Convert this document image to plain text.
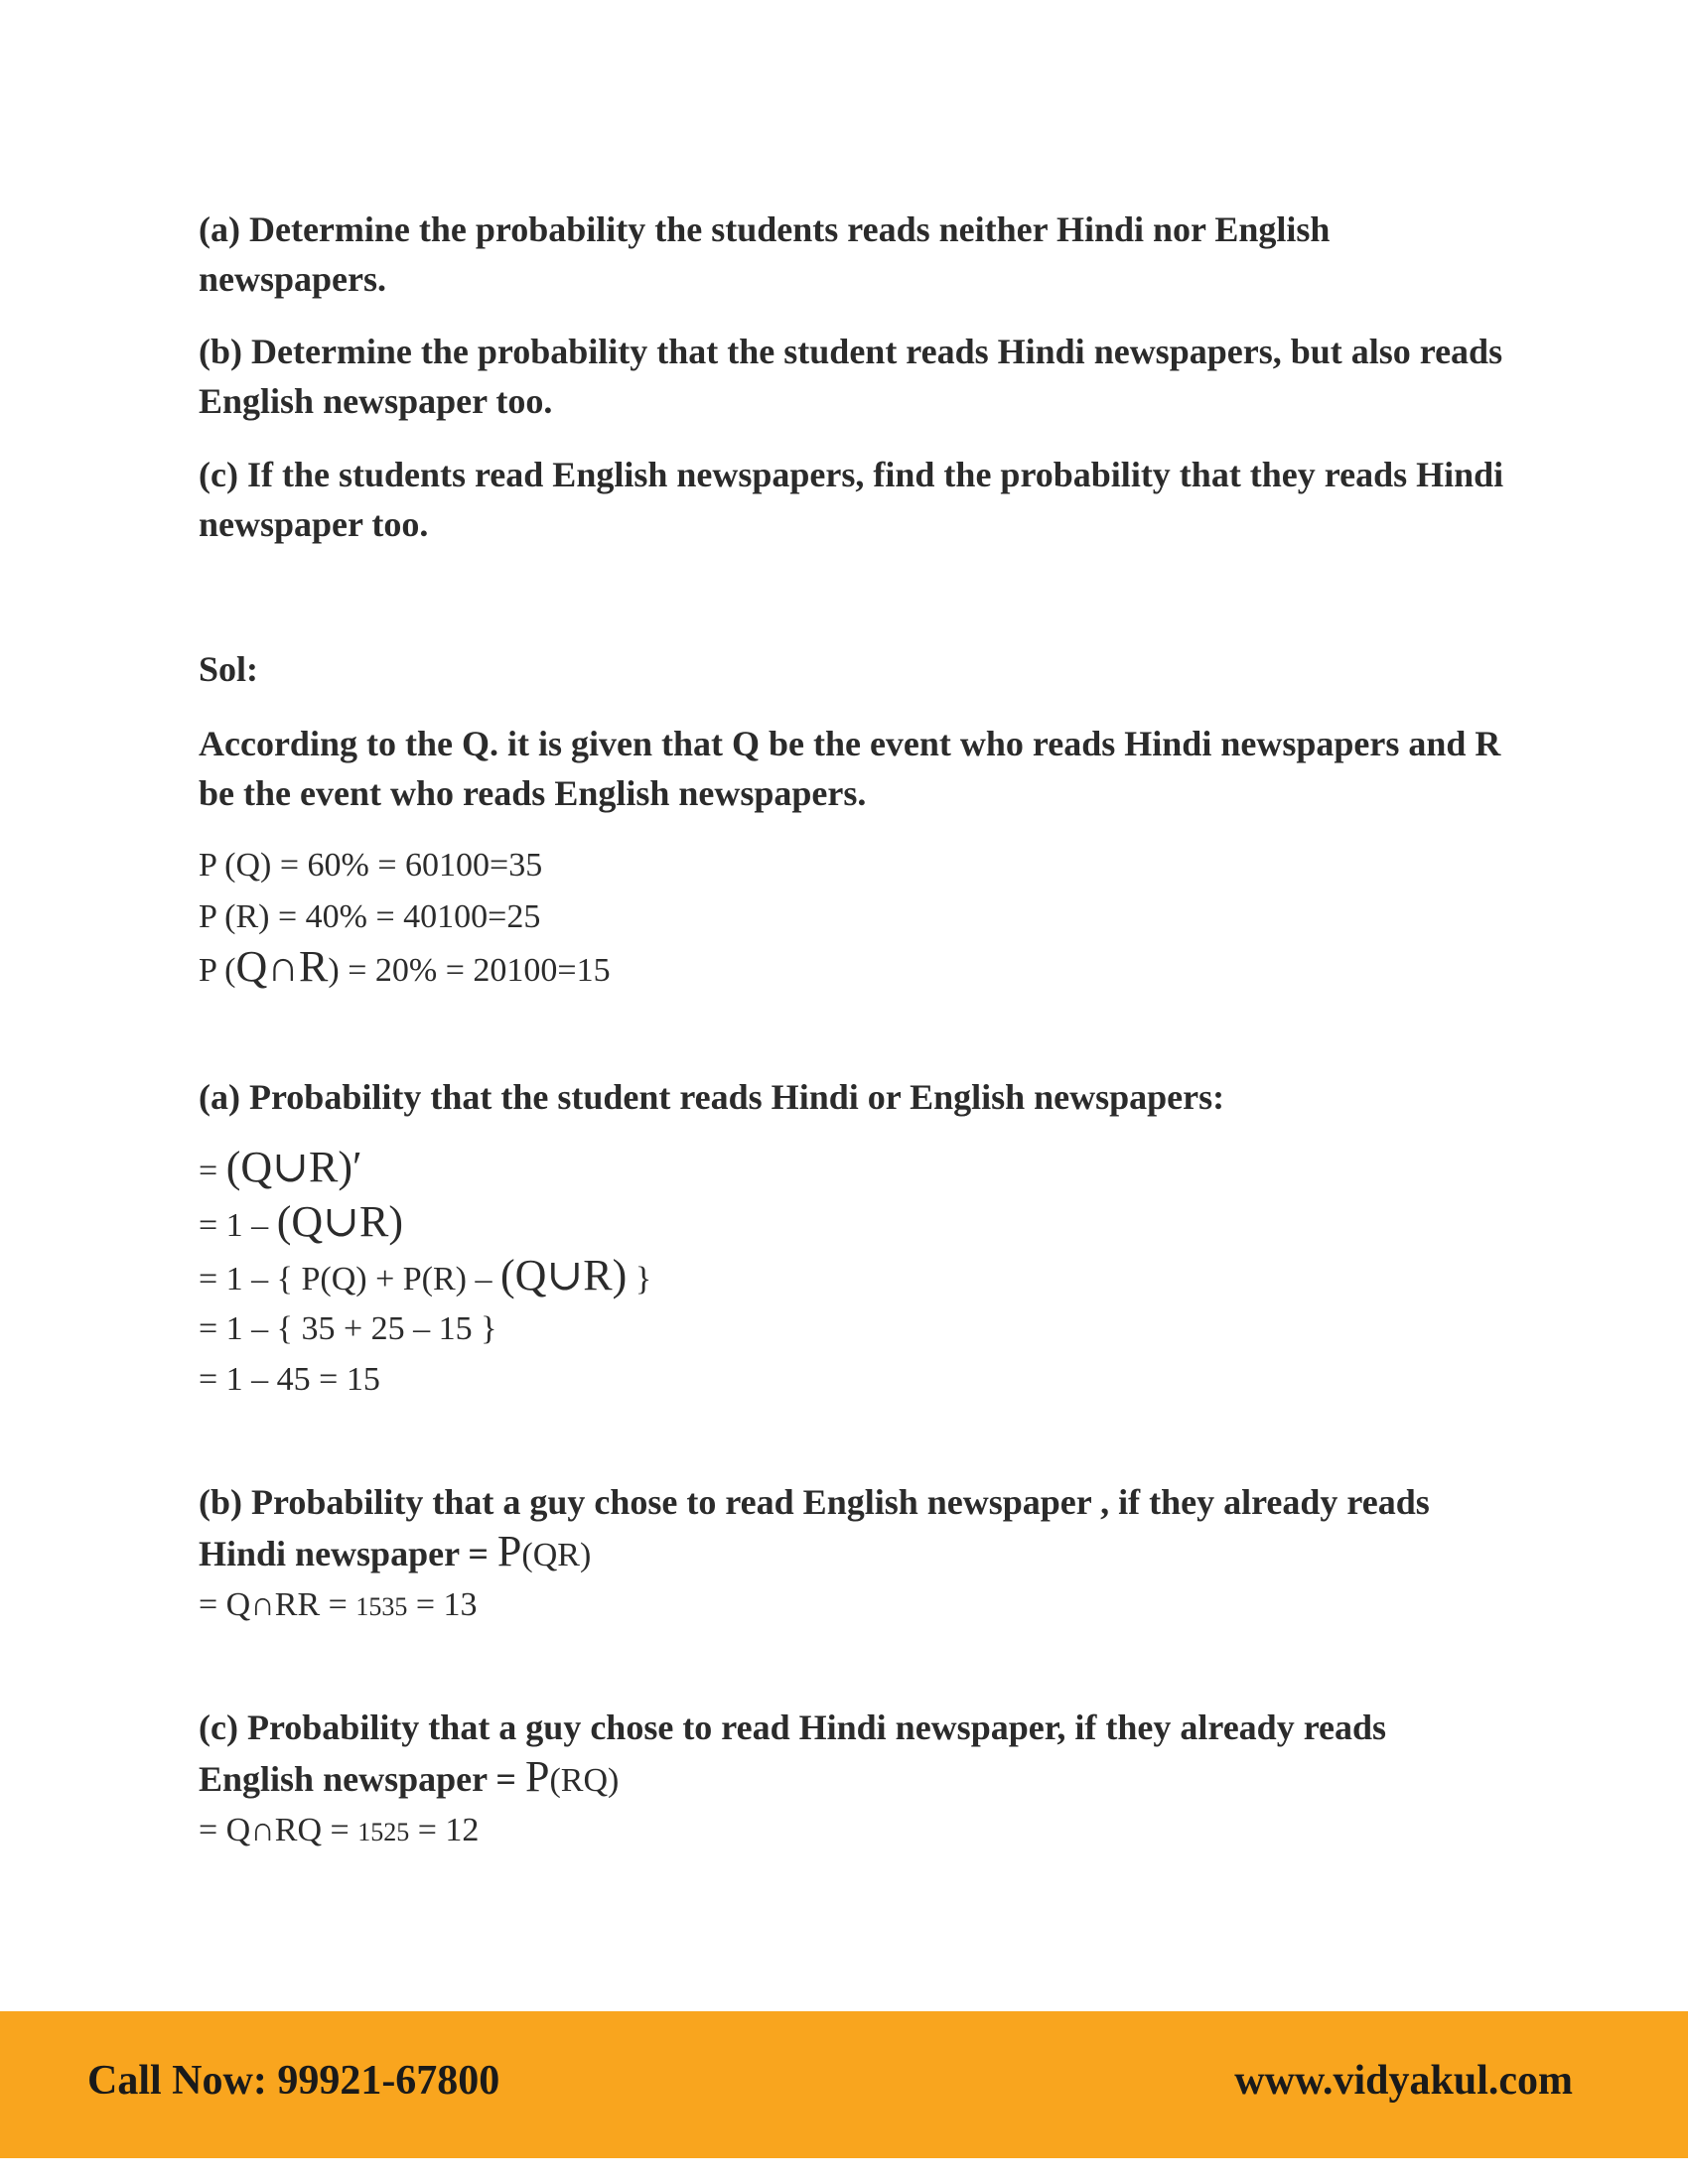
(a) Determine the probability the students reads neither Hindi nor English newspapers.
(b) Determine the probability that the student reads Hindi newspapers, but also reads English newspaper too.
(c) If the students read English newspapers, find the probability that they reads Hindi newspaper too.
Sol:
According to the Q. it is given that Q be the event who reads Hindi newspapers and R be the event who reads English newspapers.
P (Q) = 60% = 60100=35
P (R) = 40% = 40100=25
P (Q∩R) = 20% = 20100=15
(a) Probability that the student reads Hindi or English newspapers:
= (Q∪R)′
= 1 – (Q∪R)
= 1 – { P(Q) + P(R) – (Q∪R) }
= 1 – { 35 + 25 – 15 }
= 1 – 45 = 15
(b) Probability that a guy chose to read English newspaper , if they already reads Hindi newspaper = P(QR)
= Q∩RR = 1535 = 13
(c) Probability that a guy chose to read Hindi newspaper, if they already reads English newspaper = P(RQ)
= Q∩RQ = 1525 = 12
Call Now: 99921-67800	www.vidyakul.com
